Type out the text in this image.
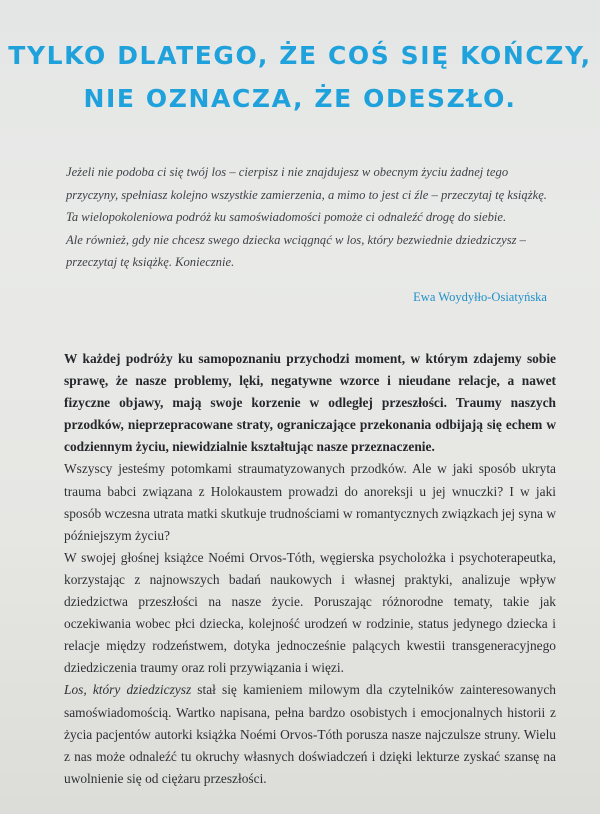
TYLKO DLATEGO, ŻE COŚ SIĘ KOŃCZY,
NIE OZNACZA, ŻE ODESZŁO.

Jeżeli nie podoba ci się twój los – cierpisz i nie znajdujesz w obecnym życiu żadnej tego przyczyny, spełniasz kolejno wszystkie zamierzenia, a mimo to jest ci źle – przeczytaj tę książkę. Ta wielopokoleniowa podróż ku samoświadomości pomoże ci odnaleźć drogę do siebie.

Ale również, gdy nie chcesz swego dziecka wciągnąć w los, który bezwiednie dziedziczysz – przeczytaj tę książkę. Koniecznie.

Ewa Woydyłło-Osiatyńska

W każdej podróży ku samopoznaniu przychodzi moment, w którym zdajemy sobie sprawę, że nasze problemy, lęki, negatywne wzorce i nieudane relacje, a nawet fizyczne objawy, mają swoje korzenie w odległej przeszłości. Traumy naszych przodków, nieprzepracowane straty, ograniczające przekonania odbijają się echem w codziennym życiu, niewidzialnie kształtując nasze przeznaczenie.

Wszyscy jesteśmy potomkami straumatyzowanych przodków. Ale w jaki sposób ukryta trauma babci związana z Holokaustem prowadzi do anoreksji u jej wnuczki? I w jaki sposób wczesna utrata matki skutkuje trudnościami w romantycznych związkach jej syna w późniejszym życiu?

W swojej głośnej książce Noémi Orvos-Tóth, węgierska psycholożka i psychoterapeutka, korzystając z najnowszych badań naukowych i własnej praktyki, analizuje wpływ dziedzictwa przeszłości na nasze życie. Poruszając różnorodne tematy, takie jak oczekiwania wobec płci dziecka, kolejność urodzeń w rodzinie, status jedynego dziecka i relacje między rodzeństwem, dotyka jednocześnie palących kwestii transgeneracyjnego dziedziczenia traumy oraz roli przywiązania i więzi.

Los, który dziedziczysz stał się kamieniem milowym dla czytelników zainteresowanych samoświadomością. Wartko napisana, pełna bardzo osobistych i emocjonalnych historii z życia pacjentów autorki książka Noémi Orvos-Tóth porusza nasze najczulsze struny. Wielu z nas może odnaleźć tu okruchy własnych doświadczeń i dzięki lekturze zyskać szansę na uwolnienie się od ciężaru przeszłości.
